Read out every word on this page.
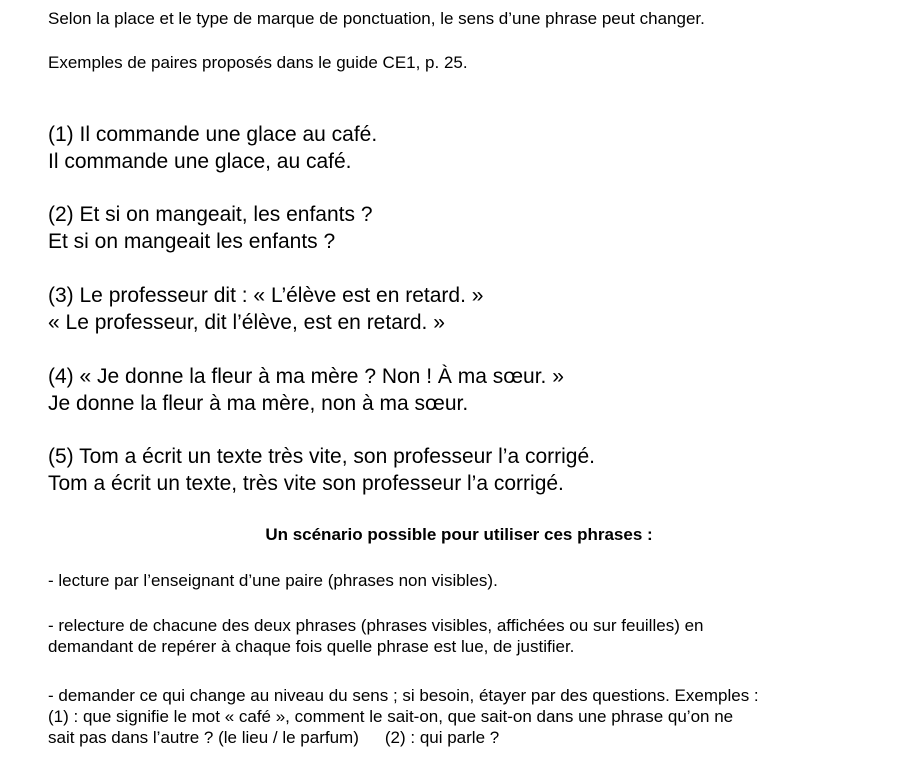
Selon la place et le type de marque de ponctuation, le sens d’une phrase peut changer.

Exemples de paires proposés dans le guide CE1, p. 25.

(1) Il commande une glace au café.
Il commande une glace, au café.
(2) Et si on mangeait, les enfants ?
Et si on mangeait les enfants ?
(3) Le professeur dit : « L’élève est en retard. »
« Le professeur, dit l’élève, est en retard. »
(4) « Je donne la fleur à ma mère ? Non ! À ma sœur. »
Je donne la fleur à ma mère, non à ma sœur.
(5) Tom a écrit un texte très vite, son professeur l’a corrigé.
Tom a écrit un texte, très vite son professeur l’a corrigé.

Un scénario possible pour utiliser ces phrases :

- lecture par l’enseignant d’une paire (phrases non visibles).

- relecture de chacune des deux phrases (phrases visibles, affichées ou sur feuilles) en
demandant de repérer à chaque fois quelle phrase est lue, de justifier.
- demander ce qui change au niveau du sens ; si besoin, étayer par des questions. Exemples :
(1) : que signifie le mot « café », comment le sait-on, que sait-on dans une phrase qu’on ne
sait pas dans l’autre ? (le lieu / le parfum) (2) : qui parle ?
